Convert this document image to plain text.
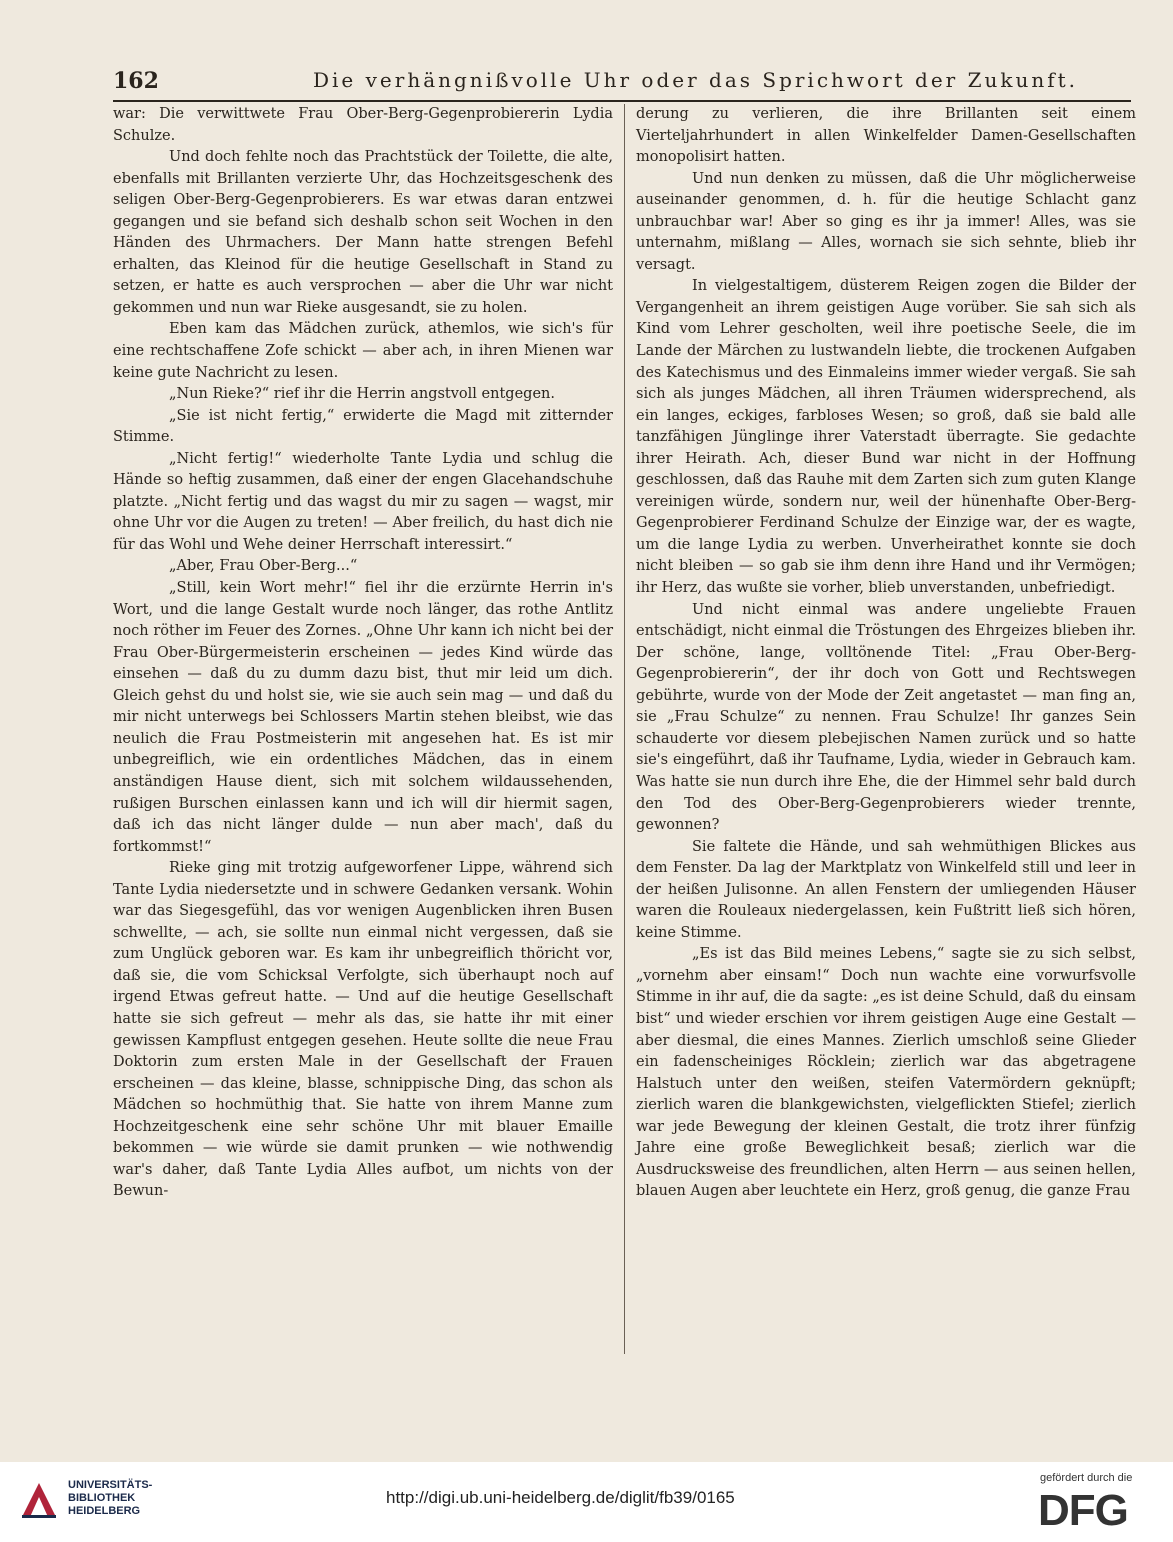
162	Die verhängnißvolle Uhr oder das Sprichwort der Zukunft.

war: Die verwittwete Frau Ober-Berg-Gegenprobiererin Lydia Schulze.

Und doch fehlte noch das Prachtstück der Toilette, die alte, ebenfalls mit Brillanten verzierte Uhr, das Hochzeitsgeschenk des seligen Ober-Berg-Gegenprobierers. Es war etwas daran entzwei gegangen und sie befand sich deshalb schon seit Wochen in den Händen des Uhrmachers. Der Mann hatte strengen Befehl erhalten, das Kleinod für die heutige Gesellschaft in Stand zu setzen, er hatte es auch versprochen — aber die Uhr war nicht gekommen und nun war Rieke ausgesandt, sie zu holen.

Eben kam das Mädchen zurück, athemlos, wie sich's für eine rechtschaffene Zofe schickt — aber ach, in ihren Mienen war keine gute Nachricht zu lesen.

„Nun Rieke?“ rief ihr die Herrin angstvoll entgegen.

„Sie ist nicht fertig,“ erwiderte die Magd mit zitternder Stimme.

„Nicht fertig!“ wiederholte Tante Lydia und schlug die Hände so heftig zusammen, daß einer der engen Glacehandschuhe platzte. „Nicht fertig und das wagst du mir zu sagen — wagst, mir ohne Uhr vor die Augen zu treten! — Aber freilich, du hast dich nie für das Wohl und Wehe deiner Herrschaft interessirt.“

„Aber, Frau Ober-Berg...“

„Still, kein Wort mehr!“ fiel ihr die erzürnte Herrin in's Wort, und die lange Gestalt wurde noch länger, das rothe Antlitz noch röther im Feuer des Zornes. „Ohne Uhr kann ich nicht bei der Frau Ober-Bürgermeisterin erscheinen — jedes Kind würde das einsehen — daß du zu dumm dazu bist, thut mir leid um dich. Gleich gehst du und holst sie, wie sie auch sein mag — und daß du mir nicht unterwegs bei Schlossers Martin stehen bleibst, wie das neulich die Frau Postmeisterin mit angesehen hat. Es ist mir unbegreiflich, wie ein ordentliches Mädchen, das in einem anständigen Hause dient, sich mit solchem wildaussehenden, rußigen Burschen einlassen kann und ich will dir hiermit sagen, daß ich das nicht länger dulde — nun aber mach', daß du fortkommst!“

Rieke ging mit trotzig aufgeworfener Lippe, während sich Tante Lydia niedersetzte und in schwere Gedanken versank. Wohin war das Siegesgefühl, das vor wenigen Augenblicken ihren Busen schwellte, — ach, sie sollte nun einmal nicht vergessen, daß sie zum Unglück geboren war. Es kam ihr unbegreiflich thöricht vor, daß sie, die vom Schicksal Verfolgte, sich überhaupt noch auf irgend Etwas gefreut hatte. — Und auf die heutige Gesellschaft hatte sie sich gefreut — mehr als das, sie hatte ihr mit einer gewissen Kampflust entgegen gesehen. Heute sollte die neue Frau Doktorin zum ersten Male in der Gesellschaft der Frauen erscheinen — das kleine, blasse, schnippische Ding, das schon als Mädchen so hochmüthig that. Sie hatte von ihrem Manne zum Hochzeitgeschenk eine sehr schöne Uhr mit blauer Emaille bekommen — wie würde sie damit prunken — wie nothwendig war's daher, daß Tante Lydia Alles aufbot, um nichts von der Bewun-

derung zu verlieren, die ihre Brillanten seit einem Vierteljahrhundert in allen Winkelfelder Damen-Gesellschaften monopolisirt hatten.

Und nun denken zu müssen, daß die Uhr möglicherweise auseinander genommen, d. h. für die heutige Schlacht ganz unbrauchbar war! Aber so ging es ihr ja immer! Alles, was sie unternahm, mißlang — Alles, wornach sie sich sehnte, blieb ihr versagt.

In vielgestaltigem, düsterem Reigen zogen die Bilder der Vergangenheit an ihrem geistigen Auge vorüber. Sie sah sich als Kind vom Lehrer gescholten, weil ihre poetische Seele, die im Lande der Märchen zu lustwandeln liebte, die trockenen Aufgaben des Katechismus und des Einmaleins immer wieder vergaß. Sie sah sich als junges Mädchen, all ihren Träumen widersprechend, als ein langes, eckiges, farbloses Wesen; so groß, daß sie bald alle tanzfähigen Jünglinge ihrer Vaterstadt überragte. Sie gedachte ihrer Heirath. Ach, dieser Bund war nicht in der Hoffnung geschlossen, daß das Rauhe mit dem Zarten sich zum guten Klange vereinigen würde, sondern nur, weil der hünenhafte Ober-Berg-Gegenprobierer Ferdinand Schulze der Einzige war, der es wagte, um die lange Lydia zu werben. Unverheirathet konnte sie doch nicht bleiben — so gab sie ihm denn ihre Hand und ihr Vermögen; ihr Herz, das wußte sie vorher, blieb unverstanden, unbefriedigt.

Und nicht einmal was andere ungeliebte Frauen entschädigt, nicht einmal die Tröstungen des Ehrgeizes blieben ihr. Der schöne, lange, volltönende Titel: „Frau Ober-Berg-Gegenprobiererin“, der ihr doch von Gott und Rechtswegen gebührte, wurde von der Mode der Zeit angetastet — man fing an, sie „Frau Schulze“ zu nennen. Frau Schulze! Ihr ganzes Sein schauderte vor diesem plebejischen Namen zurück und so hatte sie's eingeführt, daß ihr Taufname, Lydia, wieder in Gebrauch kam. Was hatte sie nun durch ihre Ehe, die der Himmel sehr bald durch den Tod des Ober-Berg-Gegenprobierers wieder trennte, gewonnen?

Sie faltete die Hände, und sah wehmüthigen Blickes aus dem Fenster. Da lag der Marktplatz von Winkelfeld still und leer in der heißen Julisonne. An allen Fenstern der umliegenden Häuser waren die Rouleaux niedergelassen, kein Fußtritt ließ sich hören, keine Stimme.

„Es ist das Bild meines Lebens,“ sagte sie zu sich selbst, „vornehm aber einsam!“ Doch nun wachte eine vorwurfsvolle Stimme in ihr auf, die da sagte: „es ist deine Schuld, daß du einsam bist“ und wieder erschien vor ihrem geistigen Auge eine Gestalt — aber diesmal, die eines Mannes. Zierlich umschloß seine Glieder ein fadenscheiniges Röcklein; zierlich war das abgetragene Halstuch unter den weißen, steifen Vatermördern geknüpft; zierlich waren die blankgewichsten, vielgeflickten Stiefel; zierlich war jede Bewegung der kleinen Gestalt, die trotz ihrer fünfzig Jahre eine große Beweglichkeit besaß; zierlich war die Ausdrucksweise des freundlichen, alten Herrn — aus seinen hellen, blauen Augen aber leuchtete ein Herz, groß genug, die ganze Frau

UNIVERSITÄTS-
BIBLIOTHEK
HEIDELBERG
http://digi.ub.uni-heidelberg.de/diglit/fb39/0165
gefördert durch die
DFG
